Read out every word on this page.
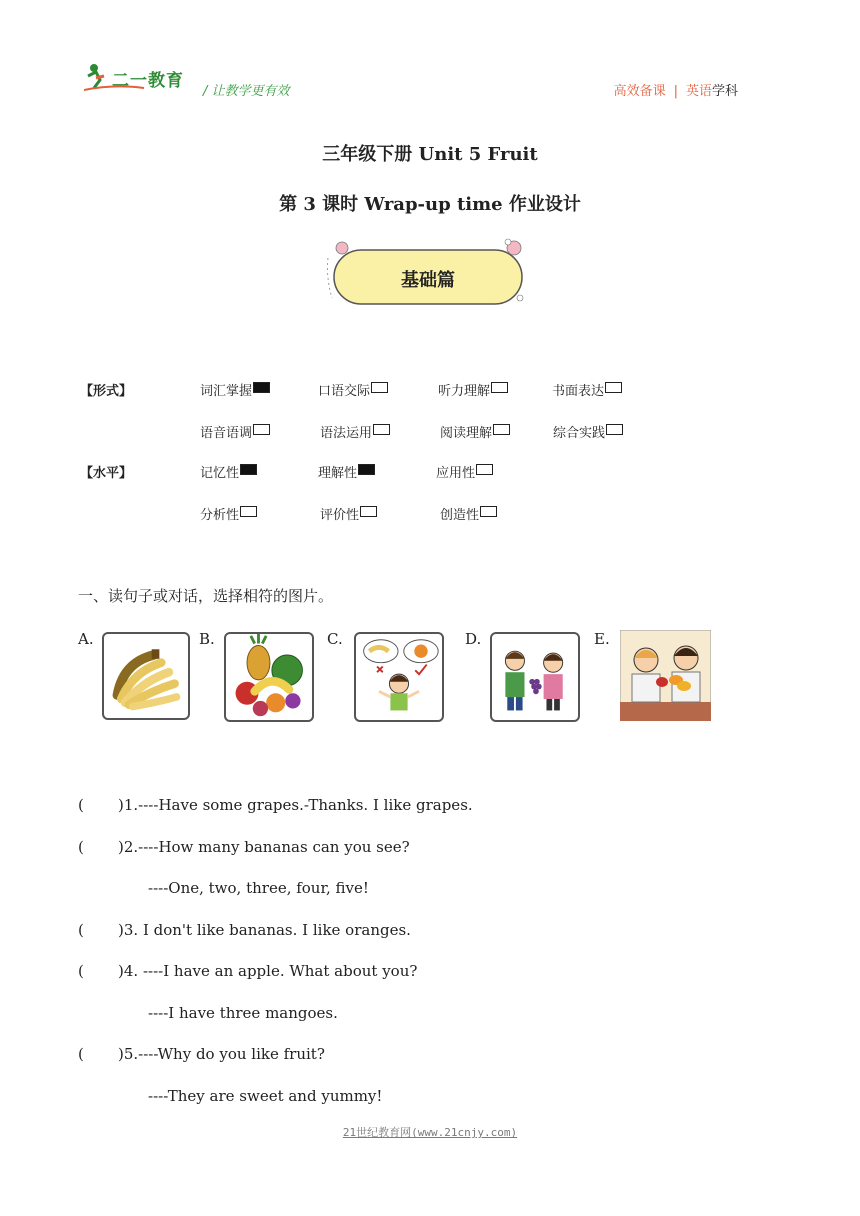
二一教育
/ 让教学更有效	高效备课 | 英语学科
三年级下册 Unit 5 Fruit
第 3 课时 Wrap-up time 作业设计
基础篇
【形式】	词汇掌握	口语交际	听力理解	书面表达
语音语调	语法运用	阅读理解	综合实践
【水平】	记忆性	理解性	应用性
分析性	评价性	创造性
一、读句子或对话，选择相符的图片。
A.	B.	C.	D.	E.
( )1.----Have some grapes.-Thanks. I like grapes.
( )2.----How many bananas can you see?
----One, two, three, four, five!
( )3. I don't like bananas. I like oranges.
( )4. ----I have an apple. What about you?
----I have three mangoes.
( )5.----Why do you like fruit?
----They are sweet and yummy!
21世纪教育网(www.21cnjy.com)
